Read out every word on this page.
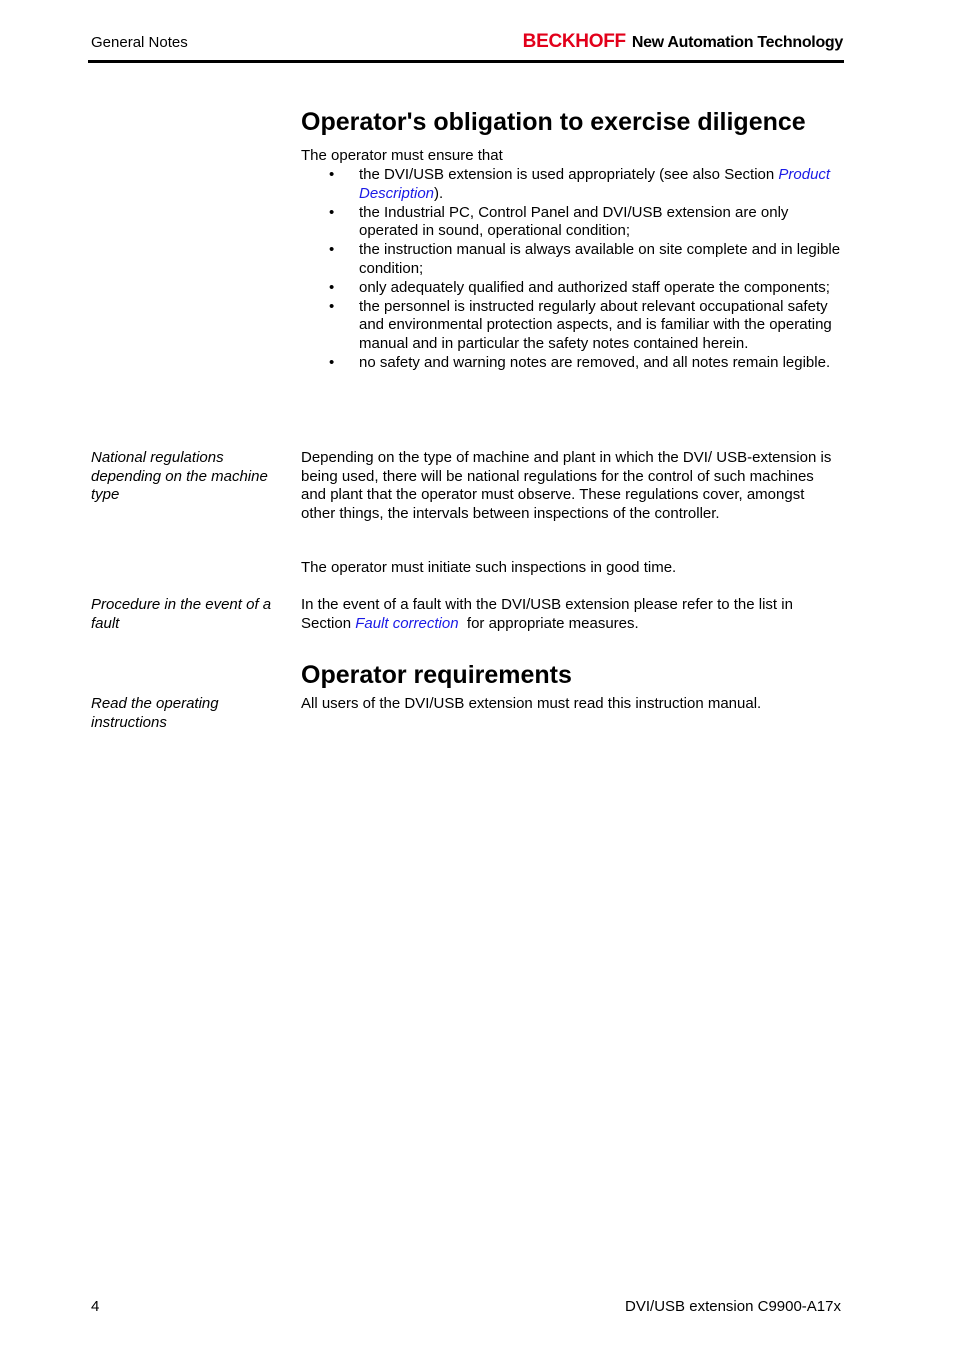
General Notes	BECKHOFF New Automation Technology
Operator's obligation to exercise diligence
The operator must ensure that
• the DVI/USB extension is used appropriately (see also Section Product Description).
• the Industrial PC, Control Panel and DVI/USB extension are only operated in sound, operational condition;
• the instruction manual is always available on site complete and in legible condition;
• only adequately qualified and authorized staff operate the components;
• the personnel is instructed regularly about relevant occupational safety and environmental protection aspects, and is familiar with the operating manual and in particular the safety notes contained herein.
• no safety and warning notes are removed, and all notes remain legible.
National regulations depending on the machine type
Depending on the type of machine and plant in which the DVI/ USB-extension is being used, there will be national regulations for the control of such machines and plant that the operator must observe. These regulations cover, amongst other things, the intervals between inspections of the controller.
The operator must initiate such inspections in good time.
Procedure in the event of a fault
In the event of a fault with the DVI/USB extension please refer to the list in Section Fault correction  for appropriate measures.
Operator requirements
Read the operating instructions
All users of the DVI/USB extension must read this instruction manual.
4	DVI/USB extension C9900-A17x
